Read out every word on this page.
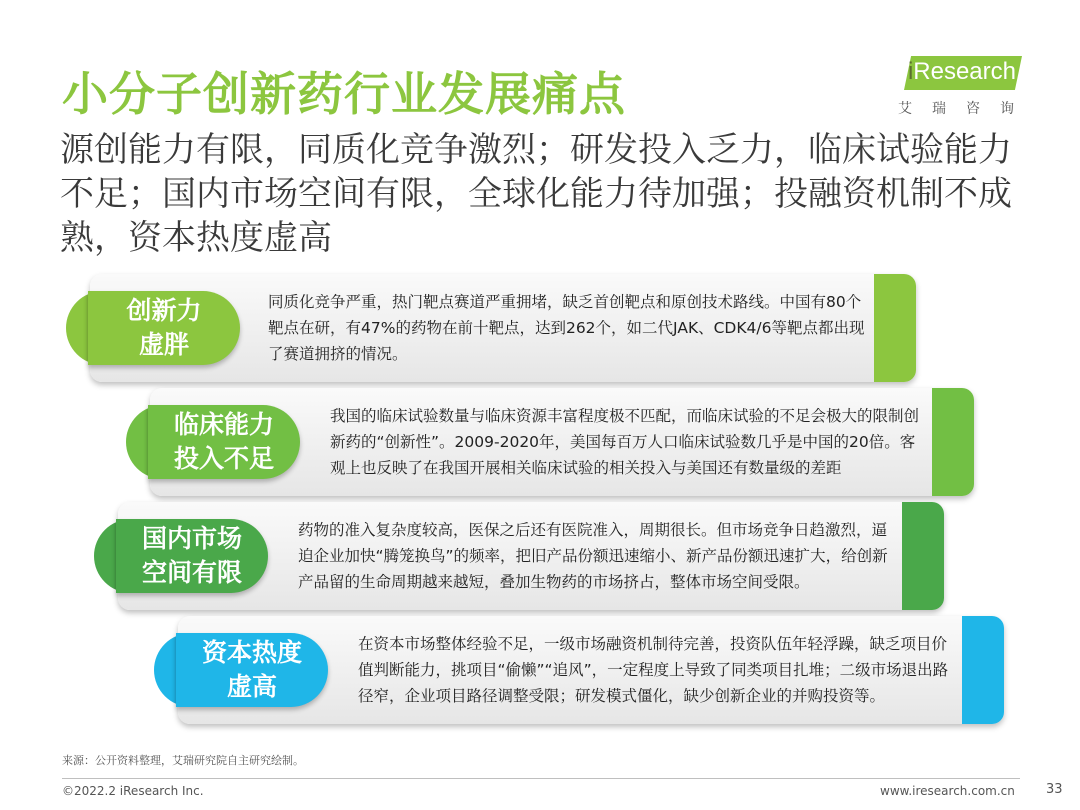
小分子创新药行业发展痛点	iResearch
艾瑞咨询
源创能力有限，同质化竞争激烈；研发投入乏力，临床试验能力不足；国内市场空间有限，全球化能力待加强；投融资机制不成熟，资本热度虚高
同质化竞争严重，热门靶点赛道严重拥堵，缺乏首创靶点和原创技术路线。中国有80个靶点在研，有47%的药物在前十靶点，达到262个，如二代JAK、CDK4/6等靶点都出现了赛道拥挤的情况。
创新力
虚胖
我国的临床试验数量与临床资源丰富程度极不匹配，而临床试验的不足会极大的限制创新药的“创新性”。2009-2020年，美国每百万人口临床试验数几乎是中国的20倍。客观上也反映了在我国开展相关临床试验的相关投入与美国还有数量级的差距
临床能力
投入不足
药物的准入复杂度较高，医保之后还有医院准入，周期很长。但市场竞争日趋激烈，逼迫企业加快“腾笼换鸟”的频率，把旧产品份额迅速缩小、新产品份额迅速扩大，给创新产品留的生命周期越来越短，叠加生物药的市场挤占，整体市场空间受限。
国内市场
空间有限
在资本市场整体经验不足，一级市场融资机制待完善，投资队伍年轻浮躁，缺乏项目价值判断能力，挑项目“偷懒”“追风”，一定程度上导致了同类项目扎堆；二级市场退出路径窄，企业项目路径调整受限；研发模式僵化，缺少创新企业的并购投资等。
资本热度
虚高
来源：公开资料整理，艾瑞研究院自主研究绘制。
©2022.2 iResearch Inc.	www.iresearch.com.cn 33
